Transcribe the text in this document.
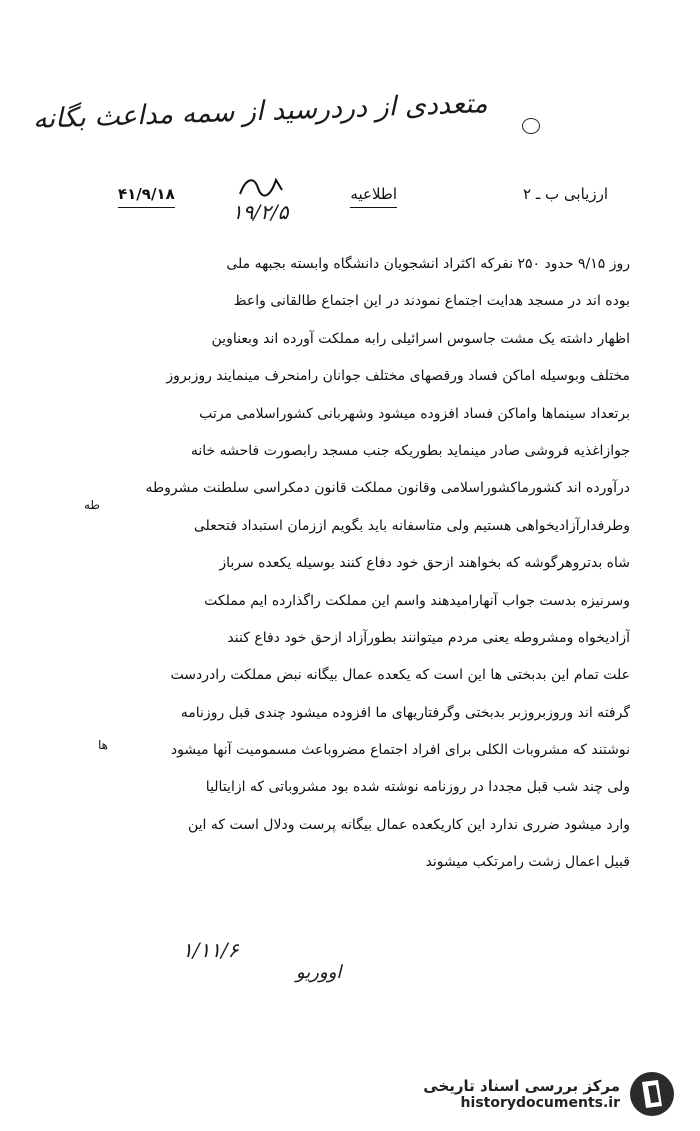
متعددی از دردرسید از سمه مداعث بگانه
۱۹/۲/۵
ارزیابی ب ـ ۲
اطلاعیه
۴۱/۹/۱۸
روز ۹/۱۵ حدود ۲۵۰ نفرکه اکثراد انشجویان دانشگاه وابسته بجبهه ملی
بوده اند در مسجد هدایت اجتماع نمودند در این اجتماع طالقانی واعظ
اظهار داشته یک مشت جاسوس اسرائیلی رابه مملکت آورده اند وبعناوین
مختلف وبوسیله اماکن فساد ورقصهای مختلف جوانان رامنحرف مینمایند روزبروز
برتعداد سینماها واماکن فساد افزوده میشود وشهربانی کشوراسلامی مرتب
جوازاغذیه فروشی صادر مینماید بطوریکه جنب مسجد رابصورت فاحشه خانه
درآورده اند کشورماکشوراسلامی وقانون مملکت قانون دمکراسی سلطنت مشروطه
وطرفدارآزادیخواهی هستیم ولی متاسفانه باید بگویم اززمان استبداد فتحعلی
شاه بدتروهرگوشه که بخواهند ازحق خود دفاع کنند بوسیله یکعده سرباز
وسرنیزه بدست جواب آنهارامیدهند واسم این مملکت راگذارده ایم مملکت
آزادیخواه ومشروطه یعنی مردم میتوانند بطورآزاد ازحق خود دفاع کنند
علت تمام این بدبختی ها این است که یکعده عمال بیگانه نبض مملکت رادردست
گرفته اند وروزبروزبر بدبختی وگرفتاریهای ما افزوده میشود چندی قبل روزنامه
نوشتند که مشروبات الکلی برای افراد اجتماع مضروباعث مسمومیت آنها میشود
ولی چند شب قبل مجددا در روزنامه نوشته شده بود مشروباتی که ازایتالیا
وارد میشود ضرری ندارد این کاریکعده عمال بیگانه پرست ودلال است که این
قبیل اعمال زشت رامرتکب میشوند
طه
ها
۱/۱۱/۶
اووریو
مرکز بررسی اسناد تاریخی
historydocuments.ir
